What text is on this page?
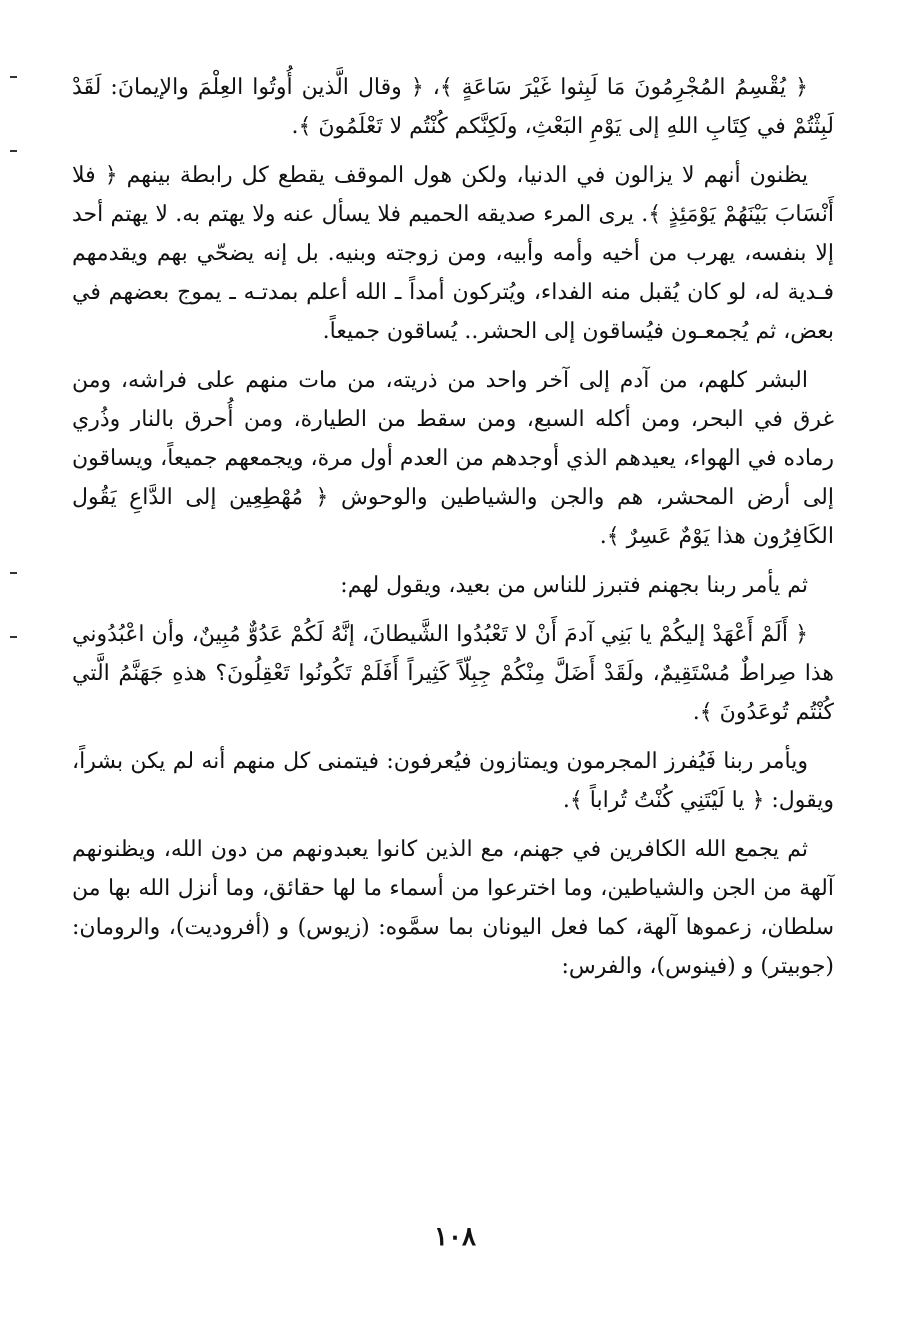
﴿ يُقْسِمُ المُجْرِمُونَ مَا لَبِثوا غَيْرَ سَاعَةٍ ﴾، ﴿ وقال الَّذين أُوتُوا العِلْمَ والإيمانَ: لَقَدْ لَبِثْتُمْ في كِتَابِ اللهِ إلى يَوْمِ البَعْثِ، ولَكِنَّكم كُنْتُم لا تَعْلَمُونَ ﴾.

يظنون أنهم لا يزالون في الدنيا، ولكن هول الموقف يقطع كل رابطة بينهم ﴿ فلا أَنْسَابَ بَيْنَهُمْ يَوْمَئِذٍ ﴾. يرى المرء صديقه الحميم فلا يسأل عنه ولا يهتم به. لا يهتم أحد إلا بنفسه، يهرب من أخيه وأمه وأبيه، ومن زوجته وبنيه. بل إنه يضحّي بهم ويقدمهم فـدية له، لو كان يُقبل منه الفداء، ويُتركون أمداً ـ الله أعلم بمدتـه ـ يموج بعضهم في بعض، ثم يُجمعـون فيُساقون إلى الحشر.. يُساقون جميعاً.

البشر كلهم، من آدم إلى آخر واحد من ذريته، من مات منهم على فراشه، ومن غرق في البحر، ومن أكله السبع، ومن سقط من الطيارة، ومن أُحرق بالنار وذُري رماده في الهواء، يعيدهم الذي أوجدهم من العدم أول مرة، ويجمعهم جميعاً، ويساقون إلى أرض المحشر، هم والجن والشياطين والوحوش ﴿ مُهْطِعِين إلى الدَّاعِ يَقُول الكَافِرُون هذا يَوْمٌ عَسِرٌ ﴾.

ثم يأمر ربنا بجهنم فتبرز للناس من بعيد، ويقول لهم:

﴿ أَلَمْ أَعْهَدْ إليكُمْ يا بَنِي آدمَ أَنْ لا تَعْبُدُوا الشَّيطانَ، إنَّهُ لَكُمْ عَدُوٌّ مُبِينٌ، وأن اعْبُدُوني هذا صِراطٌ مُسْتَقِيمٌ، ولَقَدْ أَضَلَّ مِنْكُمْ جِبِلّاً كَثِيراً أَفَلَمْ تَكُونُوا تَعْقِلُونَ؟ هذهِ جَهَنَّمُ الَّتي كُنْتُم تُوعَدُونَ ﴾.

ويأمر ربنا فَيُفرز المجرمون ويمتازون فيُعرفون: فيتمنى كل منهم أنه لم يكن بشراً، ويقول: ﴿ يا لَيْتَنِي كُنْتُ تُراباً ﴾.

ثم يجمع الله الكافرين في جهنم، مع الذين كانوا يعبدونهم من دون الله، ويظنونهم آلهة من الجن والشياطين، وما اخترعوا من أسماء ما لها حقائق، وما أنزل الله بها من سلطان، زعموها آلهة، كما فعل اليونان بما سمَّوه: (زيوس) و (أفروديت)، والرومان: (جوبيتر) و (فينوس)، والفرس:

١٠٨
